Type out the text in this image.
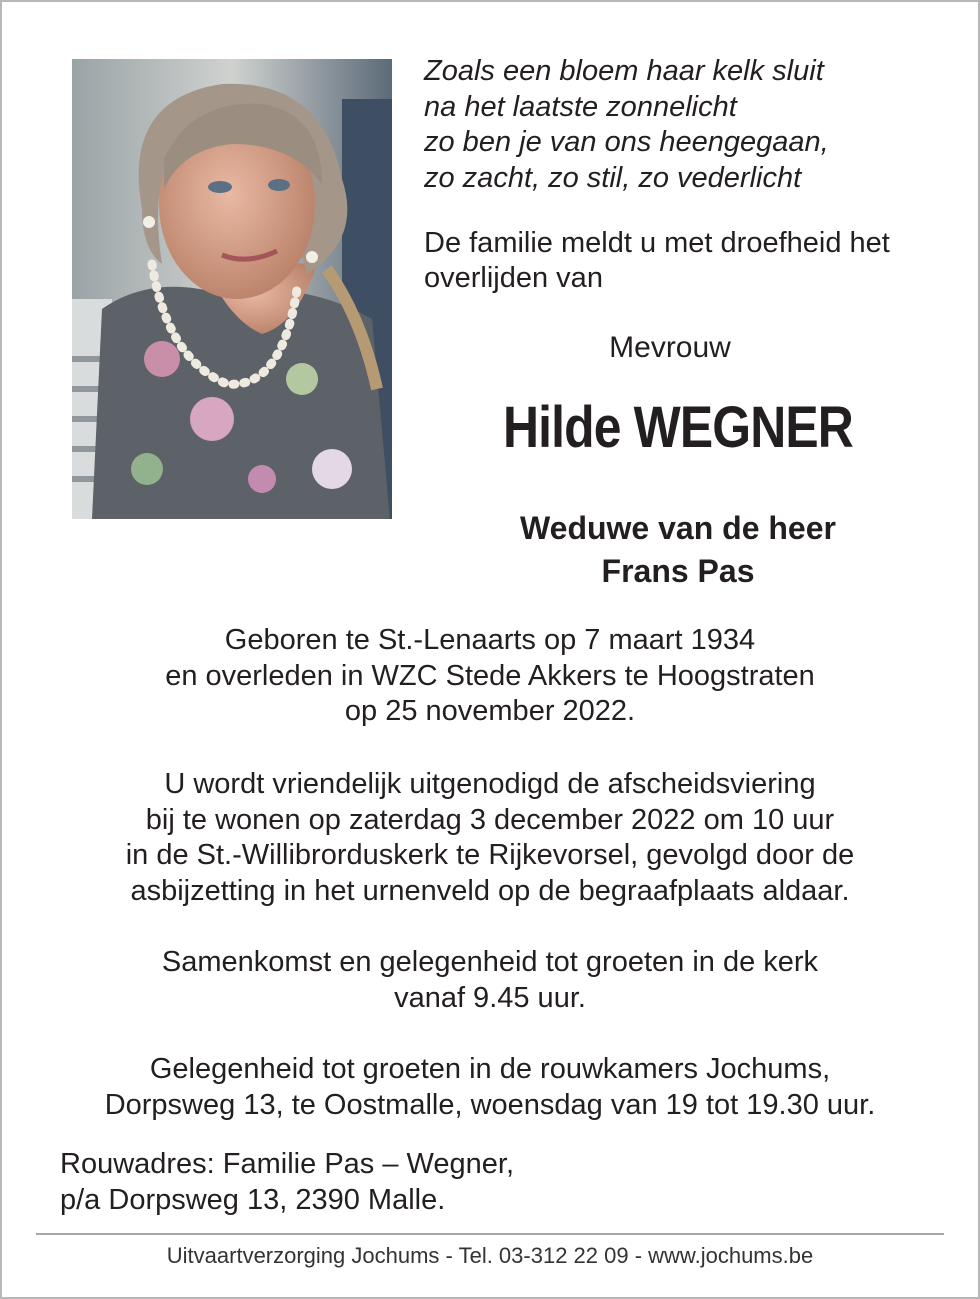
Zoals een bloem haar kelk sluit
na het laatste zonnelicht
zo ben je van ons heengegaan,
zo zacht, zo stil, zo vederlicht
De familie meldt u met droefheid het
overlijden van
Mevrouw
Hilde WEGNER
Weduwe van de heer
Frans Pas
Geboren te St.-Lenaarts op 7 maart 1934
en overleden in WZC Stede Akkers te Hoogstraten
op 25 november 2022.
U wordt vriendelijk uitgenodigd de afscheidsviering
bij te wonen op zaterdag 3 december 2022 om 10 uur
in de St.-Willibrorduskerk te Rijkevorsel, gevolgd door de
asbijzetting in het urnenveld op de begraafplaats aldaar.
Samenkomst en gelegenheid tot groeten in de kerk
vanaf 9.45 uur.
Gelegenheid tot groeten in de rouwkamers Jochums,
Dorpsweg 13, te Oostmalle, woensdag van 19 tot 19.30 uur.
Rouwadres: Familie Pas – Wegner,
p/a Dorpsweg 13, 2390 Malle.
Uitvaartverzorging Jochums - Tel. 03-312 22 09 - www.jochums.be
